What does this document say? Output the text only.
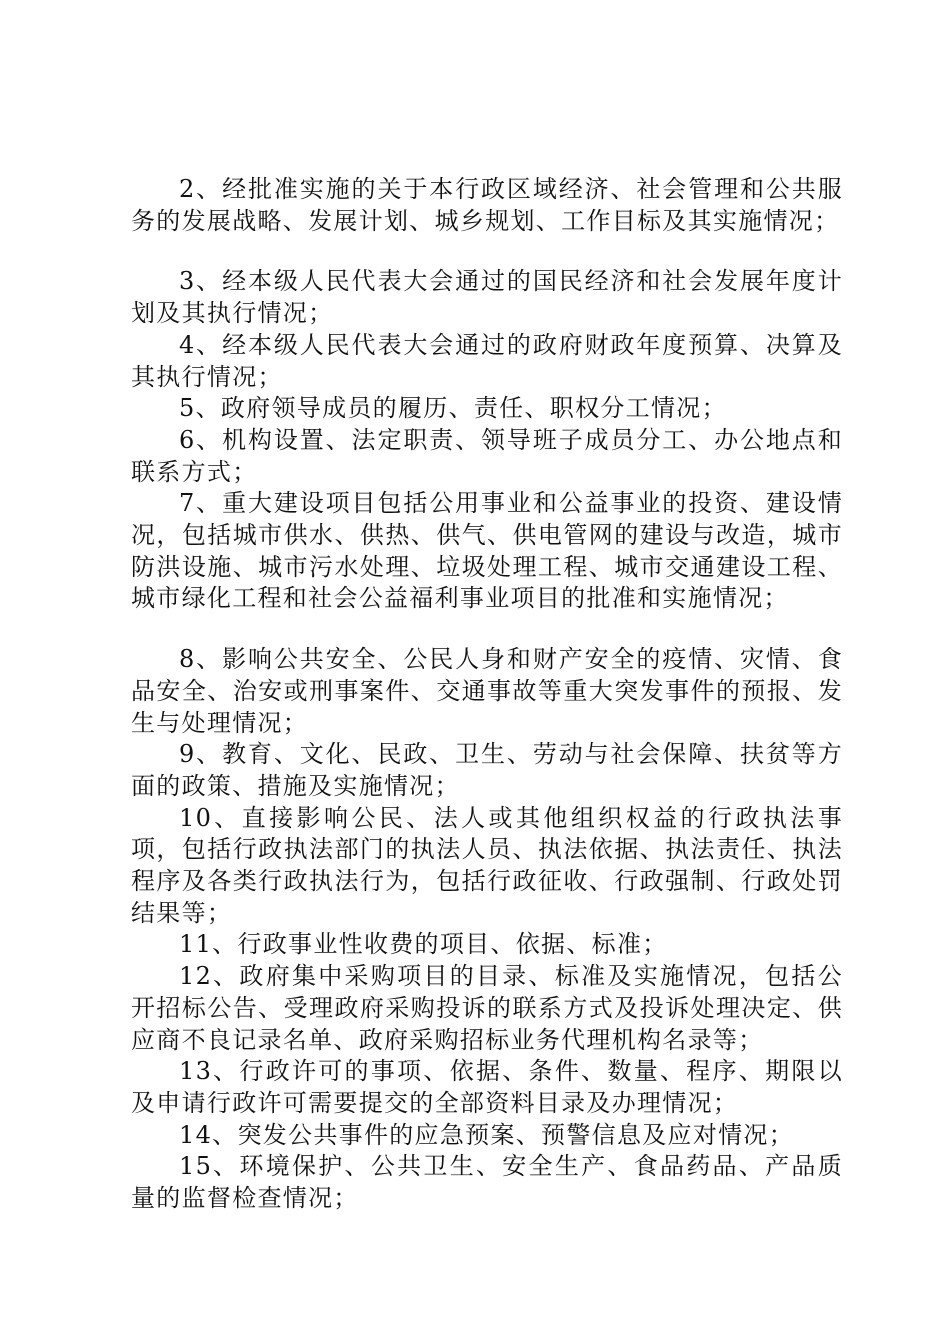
2、经批准实施的关于本行政区域经济、社会管理和公共服务的发展战略、发展计划、城乡规划、工作目标及其实施情况；

3、经本级人民代表大会通过的国民经济和社会发展年度计划及其执行情况；

4、经本级人民代表大会通过的政府财政年度预算、决算及其执行情况；

5、政府领导成员的履历、责任、职权分工情况；

6、机构设置、法定职责、领导班子成员分工、办公地点和联系方式；

7、重大建设项目包括公用事业和公益事业的投资、建设情况，包括城市供水、供热、供气、供电管网的建设与改造，城市防洪设施、城市污水处理、垃圾处理工程、城市交通建设工程、城市绿化工程和社会公益福利事业项目的批准和实施情况；

8、影响公共安全、公民人身和财产安全的疫情、灾情、食品安全、治安或刑事案件、交通事故等重大突发事件的预报、发生与处理情况；

9、教育、文化、民政、卫生、劳动与社会保障、扶贫等方面的政策、措施及实施情况；

10、直接影响公民、法人或其他组织权益的行政执法事项，包括行政执法部门的执法人员、执法依据、执法责任、执法程序及各类行政执法行为，包括行政征收、行政强制、行政处罚结果等；

11、行政事业性收费的项目、依据、标准；

12、政府集中采购项目的目录、标准及实施情况，包括公开招标公告、受理政府采购投诉的联系方式及投诉处理决定、供应商不良记录名单、政府采购招标业务代理机构名录等；

13、行政许可的事项、依据、条件、数量、程序、期限以及申请行政许可需要提交的全部资料目录及办理情况；

14、突发公共事件的应急预案、预警信息及应对情况；

15、环境保护、公共卫生、安全生产、食品药品、产品质量的监督检查情况；
